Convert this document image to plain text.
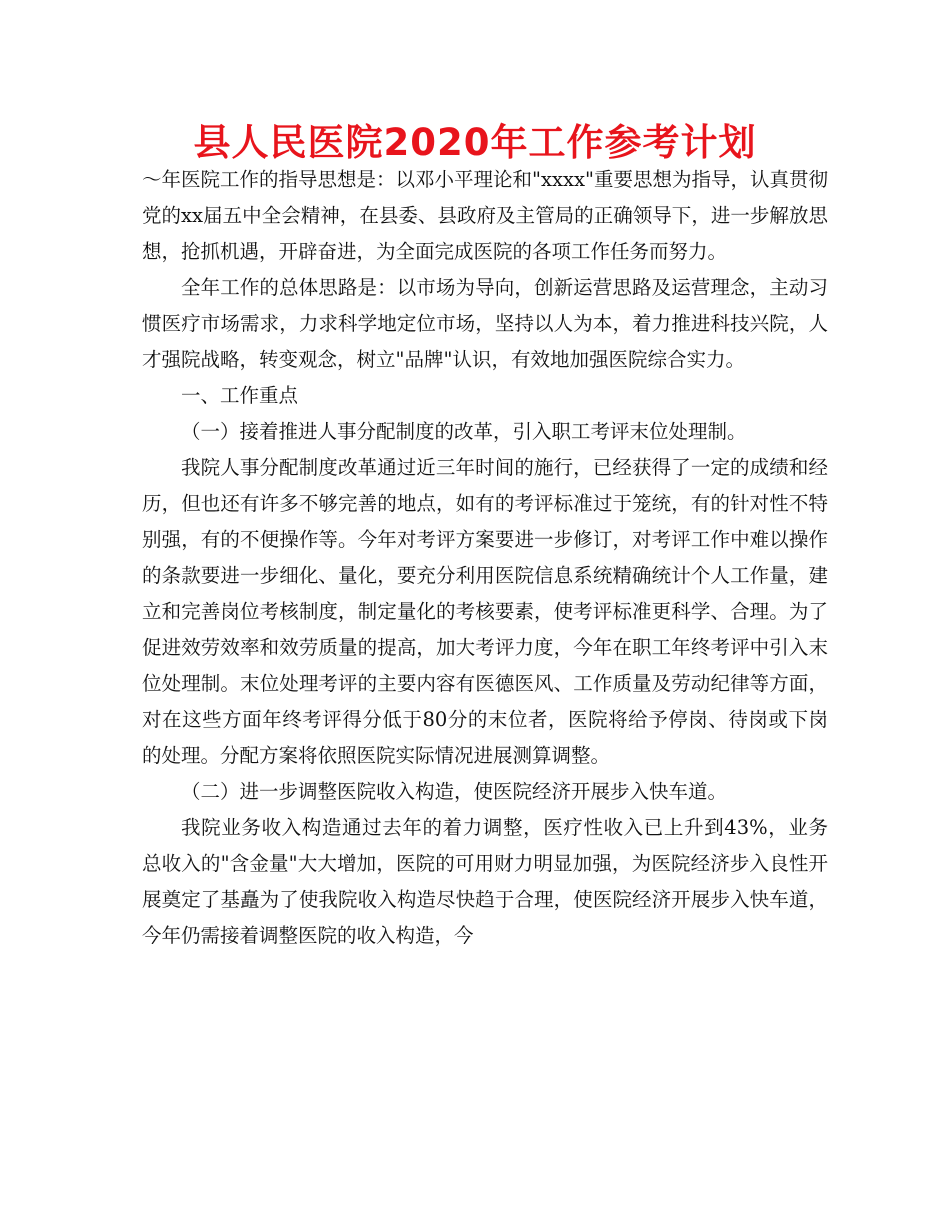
县人民医院2020年工作参考计划

～年医院工作的指导思想是：以邓小平理论和"xxxx"重要思想为指导，认真贯彻党的xx届五中全会精神，在县委、县政府及主管局的正确领导下，进一步解放思想，抢抓机遇，开辟奋进，为全面完成医院的各项工作任务而努力。

全年工作的总体思路是：以市场为导向，创新运营思路及运营理念，主动习惯医疗市场需求，力求科学地定位市场，坚持以人为本，着力推进科技兴院，人才强院战略，转变观念，树立"品牌"认识，有效地加强医院综合实力。

一、工作重点

（一）接着推进人事分配制度的改革，引入职工考评末位处理制。

我院人事分配制度改革通过近三年时间的施行，已经获得了一定的成绩和经历，但也还有许多不够完善的地点，如有的考评标准过于笼统，有的针对性不特别强，有的不便操作等。今年对考评方案要进一步修订，对考评工作中难以操作的条款要进一步细化、量化，要充分利用医院信息系统精确统计个人工作量，建立和完善岗位考核制度，制定量化的考核要素，使考评标准更科学、合理。为了促进效劳效率和效劳质量的提高，加大考评力度，今年在职工年终考评中引入末位处理制。末位处理考评的主要内容有医德医风、工作质量及劳动纪律等方面，对在这些方面年终考评得分低于80分的末位者，医院将给予停岗、待岗或下岗的处理。分配方案将依照医院实际情况进展测算调整。

（二）进一步调整医院收入构造，使医院经济开展步入快车道。

我院业务收入构造通过去年的着力调整，医疗性收入已上升到43%，业务总收入的"含金量"大大增加，医院的可用财力明显加强，为医院经济步入良性开展奠定了基矗为了使我院收入构造尽快趋于合理，使医院经济开展步入快车道，今年仍需接着调整医院的收入构造，今
